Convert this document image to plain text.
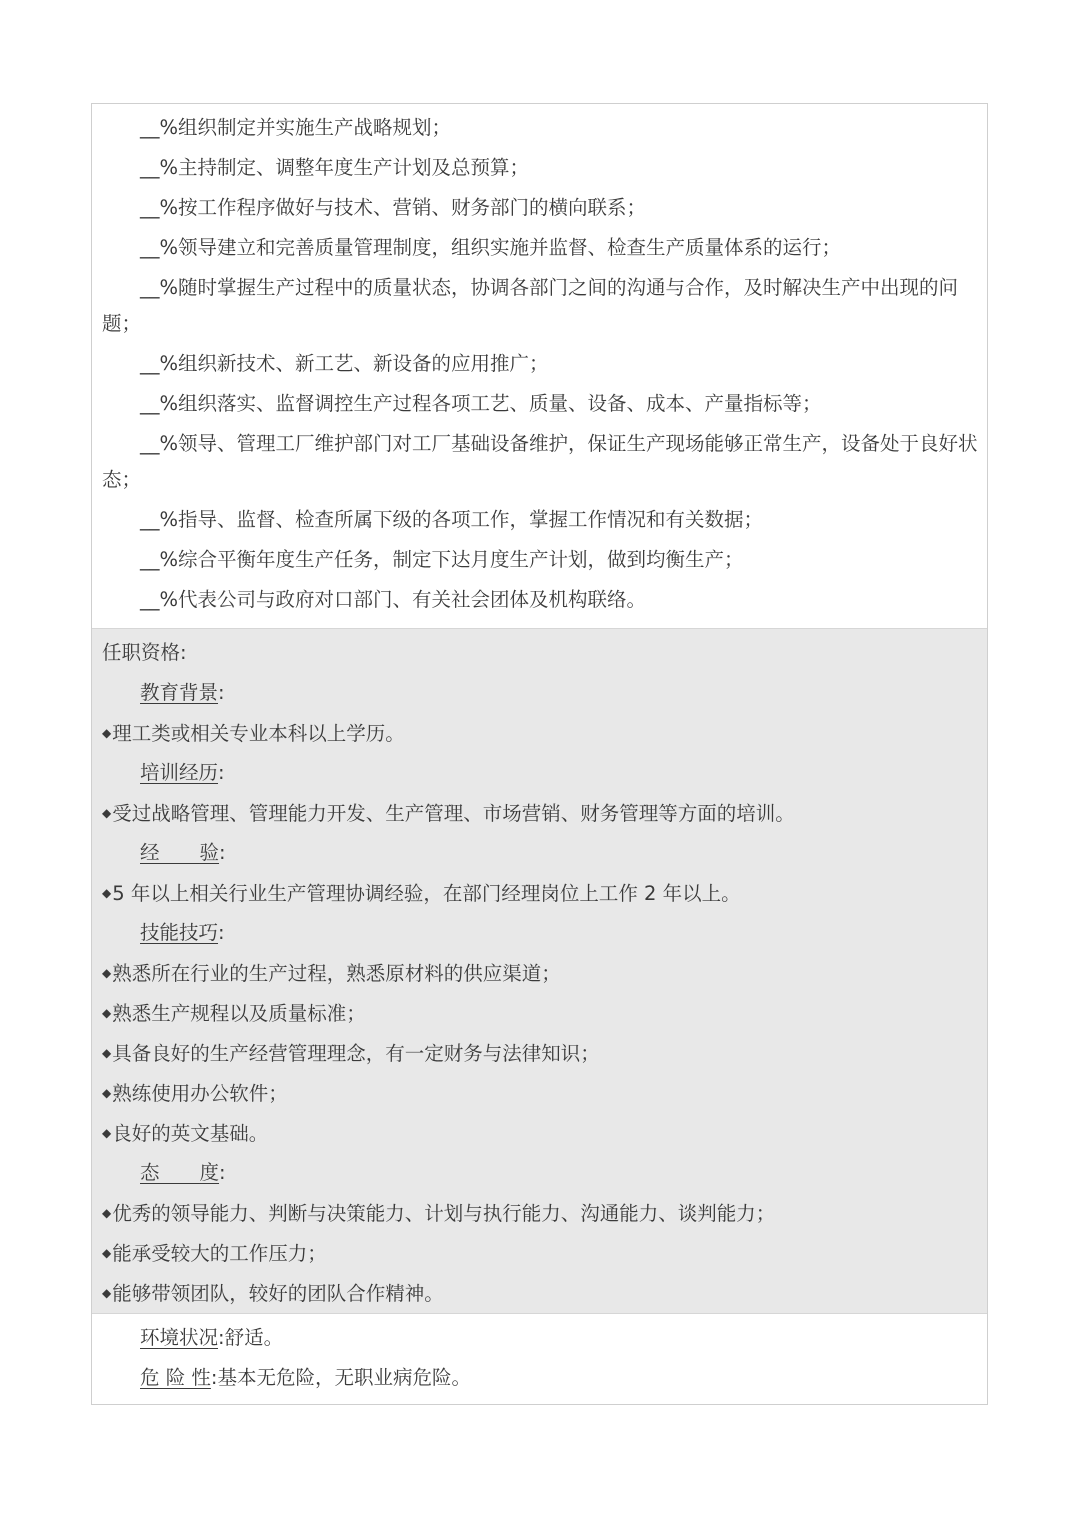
__%组织制定并实施生产战略规划；

__%主持制定、调整年度生产计划及总预算；

__%按工作程序做好与技术、营销、财务部门的横向联系；

__%领导建立和完善质量管理制度，组织实施并监督、检查生产质量体系的运行；

__%随时掌握生产过程中的质量状态，协调各部门之间的沟通与合作，及时解决生产中出现的问题；

__%组织新技术、新工艺、新设备的应用推广；

__%组织落实、监督调控生产过程各项工艺、质量、设备、成本、产量指标等；

__%领导、管理工厂维护部门对工厂基础设备维护，保证生产现场能够正常生产，设备处于良好状态；

__%指导、监督、检查所属下级的各项工作，掌握工作情况和有关数据；

__%综合平衡年度生产任务，制定下达月度生产计划，做到均衡生产；

__%代表公司与政府对口部门、有关社会团体及机构联络。

任职资格:
教育背景:
◆理工类或相关专业本科以上学历。
培训经历:
◆受过战略管理、管理能力开发、生产管理、市场营销、财务管理等方面的培训。
经验:
◆5 年以上相关行业生产管理协调经验，在部门经理岗位上工作 2 年以上。
技能技巧:
◆熟悉所在行业的生产过程，熟悉原材料的供应渠道；
◆熟悉生产规程以及质量标准；
◆具备良好的生产经营管理理念，有一定财务与法律知识；
◆熟练使用办公软件；
◆良好的英文基础。
态度:
◆优秀的领导能力、判断与决策能力、计划与执行能力、沟通能力、谈判能力；
◆能承受较大的工作压力；
◆能够带领团队，较好的团队合作精神。
环境状况:舒适。
危 险 性:基本无危险，无职业病危险。
